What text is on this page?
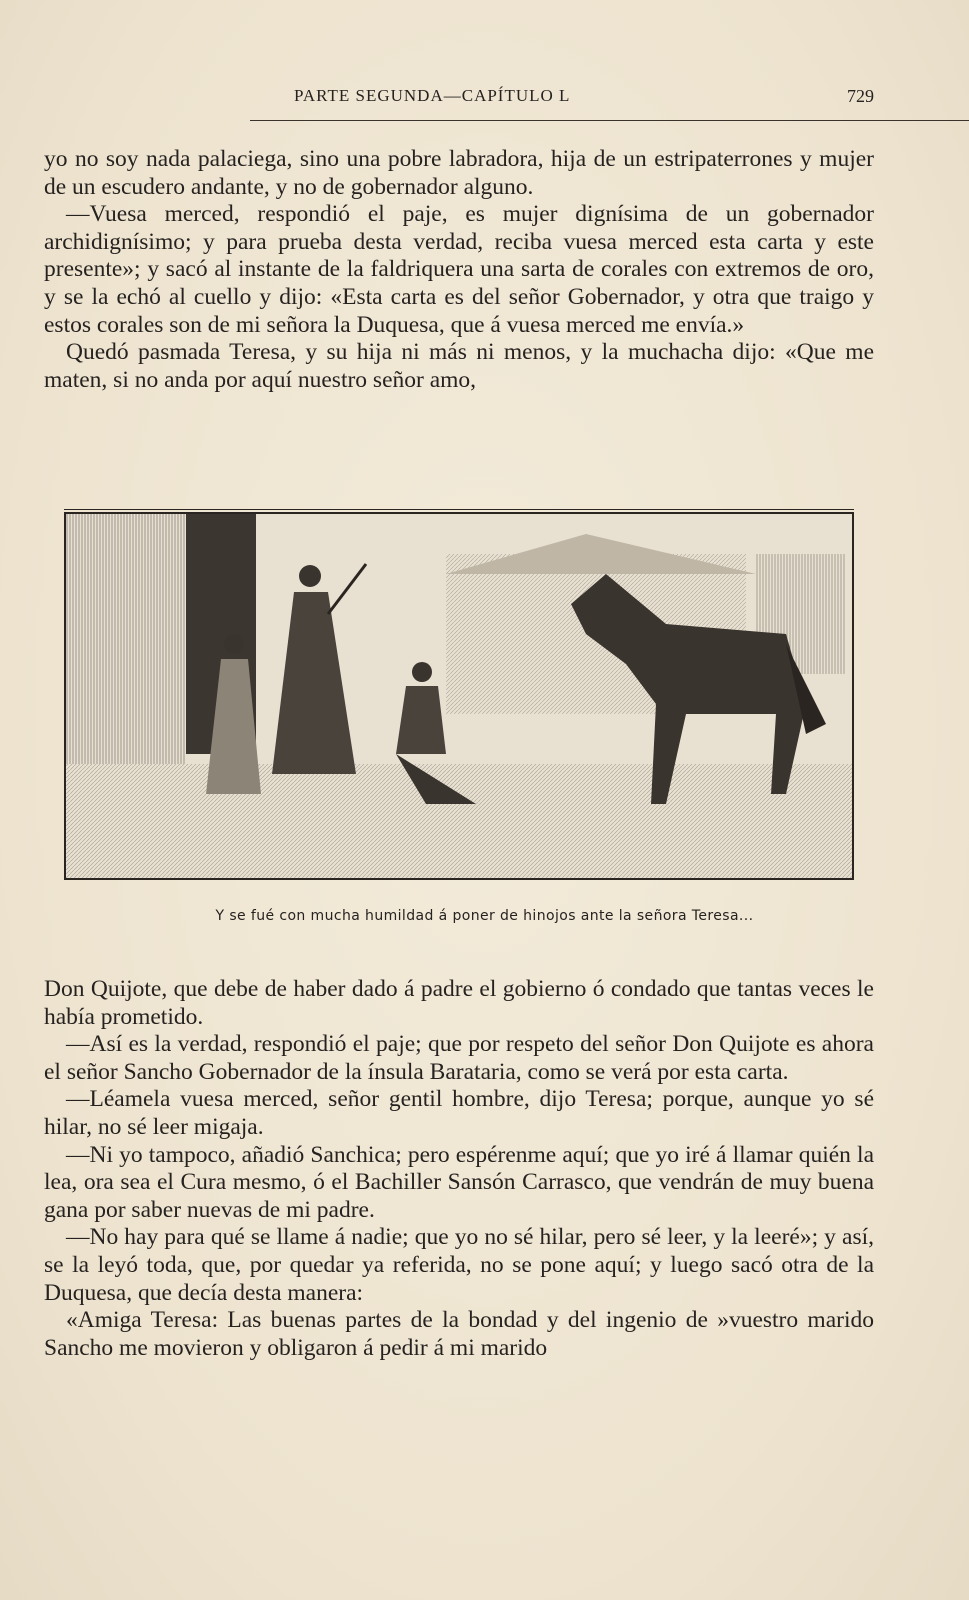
PARTE SEGUNDA—CAPÍTULO L	729

yo no soy nada palaciega, sino una pobre labradora, hija de un estripaterrones y mujer de un escudero andante, y no de gobernador alguno.

—Vuesa merced, respondió el paje, es mujer dignísima de un gobernador archidignísimo; y para prueba desta verdad, reciba vuesa merced esta carta y este presente»; y sacó al instante de la faldriquera una sarta de corales con extremos de oro, y se la echó al cuello y dijo: «Esta carta es del señor Gobernador, y otra que traigo y estos corales son de mi señora la Duquesa, que á vuesa merced me envía.»

Quedó pasmada Teresa, y su hija ni más ni menos, y la muchacha dijo: «Que me maten, si no anda por aquí nuestro señor amo,

Y se fué con mucha humildad á poner de hinojos ante la señora Teresa...

Don Quijote, que debe de haber dado á padre el gobierno ó condado que tantas veces le había prometido.

—Así es la verdad, respondió el paje; que por respeto del señor Don Quijote es ahora el señor Sancho Gobernador de la ínsula Barataria, como se verá por esta carta.

—Léamela vuesa merced, señor gentil hombre, dijo Teresa; porque, aunque yo sé hilar, no sé leer migaja.

—Ni yo tampoco, añadió Sanchica; pero espérenme aquí; que yo iré á llamar quién la lea, ora sea el Cura mesmo, ó el Bachiller Sansón Carrasco, que vendrán de muy buena gana por saber nuevas de mi padre.

—No hay para qué se llame á nadie; que yo no sé hilar, pero sé leer, y la leeré»; y así, se la leyó toda, que, por quedar ya referida, no se pone aquí; y luego sacó otra de la Duquesa, que decía desta manera:

«Amiga Teresa: Las buenas partes de la bondad y del ingenio de »vuestro marido Sancho me movieron y obligaron á pedir á mi marido
